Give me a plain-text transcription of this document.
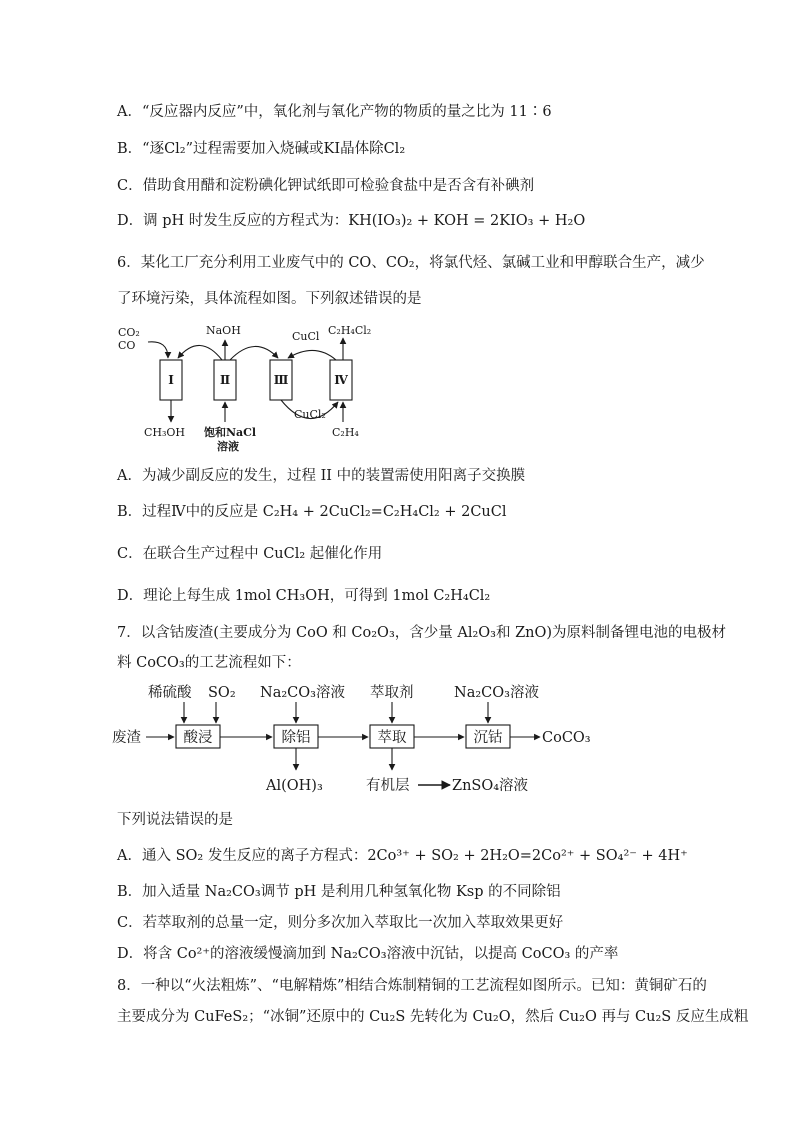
A．“反应器内反应”中，氧化剂与氧化产物的物质的量之比为 11∶6
B．“逐Cl₂”过程需要加入烧碱或KI晶体除Cl₂
C．借助食用醋和淀粉碘化钾试纸即可检验食盐中是否含有补碘剂
D．调 pH 时发生反应的方程式为：KH(IO₃)₂ + KOH = 2KIO₃ + H₂O
6．某化工厂充分利用工业废气中的 CO、CO₂，将氯代烃、氯碱工业和甲醇联合生产，减少
了环境污染，具体流程如图。下列叙述错误的是
CO₂
CO
NaOH	CuCl C₂H₄Cl₂
CH₃OH 饱和NaCl
溶液
CuCl₂
C₂H₄
Ⅰ	Ⅱ	Ⅲ	Ⅳ
A．为减少副反应的发生，过程 II 中的装置需使用阳离子交换膜
B．过程Ⅳ中的反应是 C₂H₄ + 2CuCl₂=C₂H₄Cl₂ + 2CuCl
C．在联合生产过程中 CuCl₂ 起催化作用
D．理论上每生成 1mol CH₃OH，可得到 1mol C₂H₄Cl₂
7．以含钴废渣(主要成分为 CoO 和 Co₂O₃，含少量 Al₂O₃和 ZnO)为原料制备锂电池的电极材
料 CoCO₃的工艺流程如下：
稀硫酸 SO₂ Na₂CO₃溶液 萃取剂	Na₂CO₃溶液
废渣	CoCO₃
Al(OH)₃	有机层	ZnSO₄溶液
酸浸	除铝	萃取	沉钴
下列说法错误的是
A．通入 SO₂ 发生反应的离子方程式：2Co³⁺ + SO₂ + 2H₂O=2Co²⁺ + SO₄²⁻ + 4H⁺
B．加入适量 Na₂CO₃调节 pH 是利用几种氢氧化物 Ksp 的不同除铝
C．若萃取剂的总量一定，则分多次加入萃取比一次加入萃取效果更好
D．将含 Co²⁺的溶液缓慢滴加到 Na₂CO₃溶液中沉钴，以提高 CoCO₃ 的产率
8．一种以“火法粗炼”、“电解精炼”相结合炼制精铜的工艺流程如图所示。已知：黄铜矿石的
主要成分为 CuFeS₂；“冰铜”还原中的 Cu₂S 先转化为 Cu₂O，然后 Cu₂O 再与 Cu₂S 反应生成粗
